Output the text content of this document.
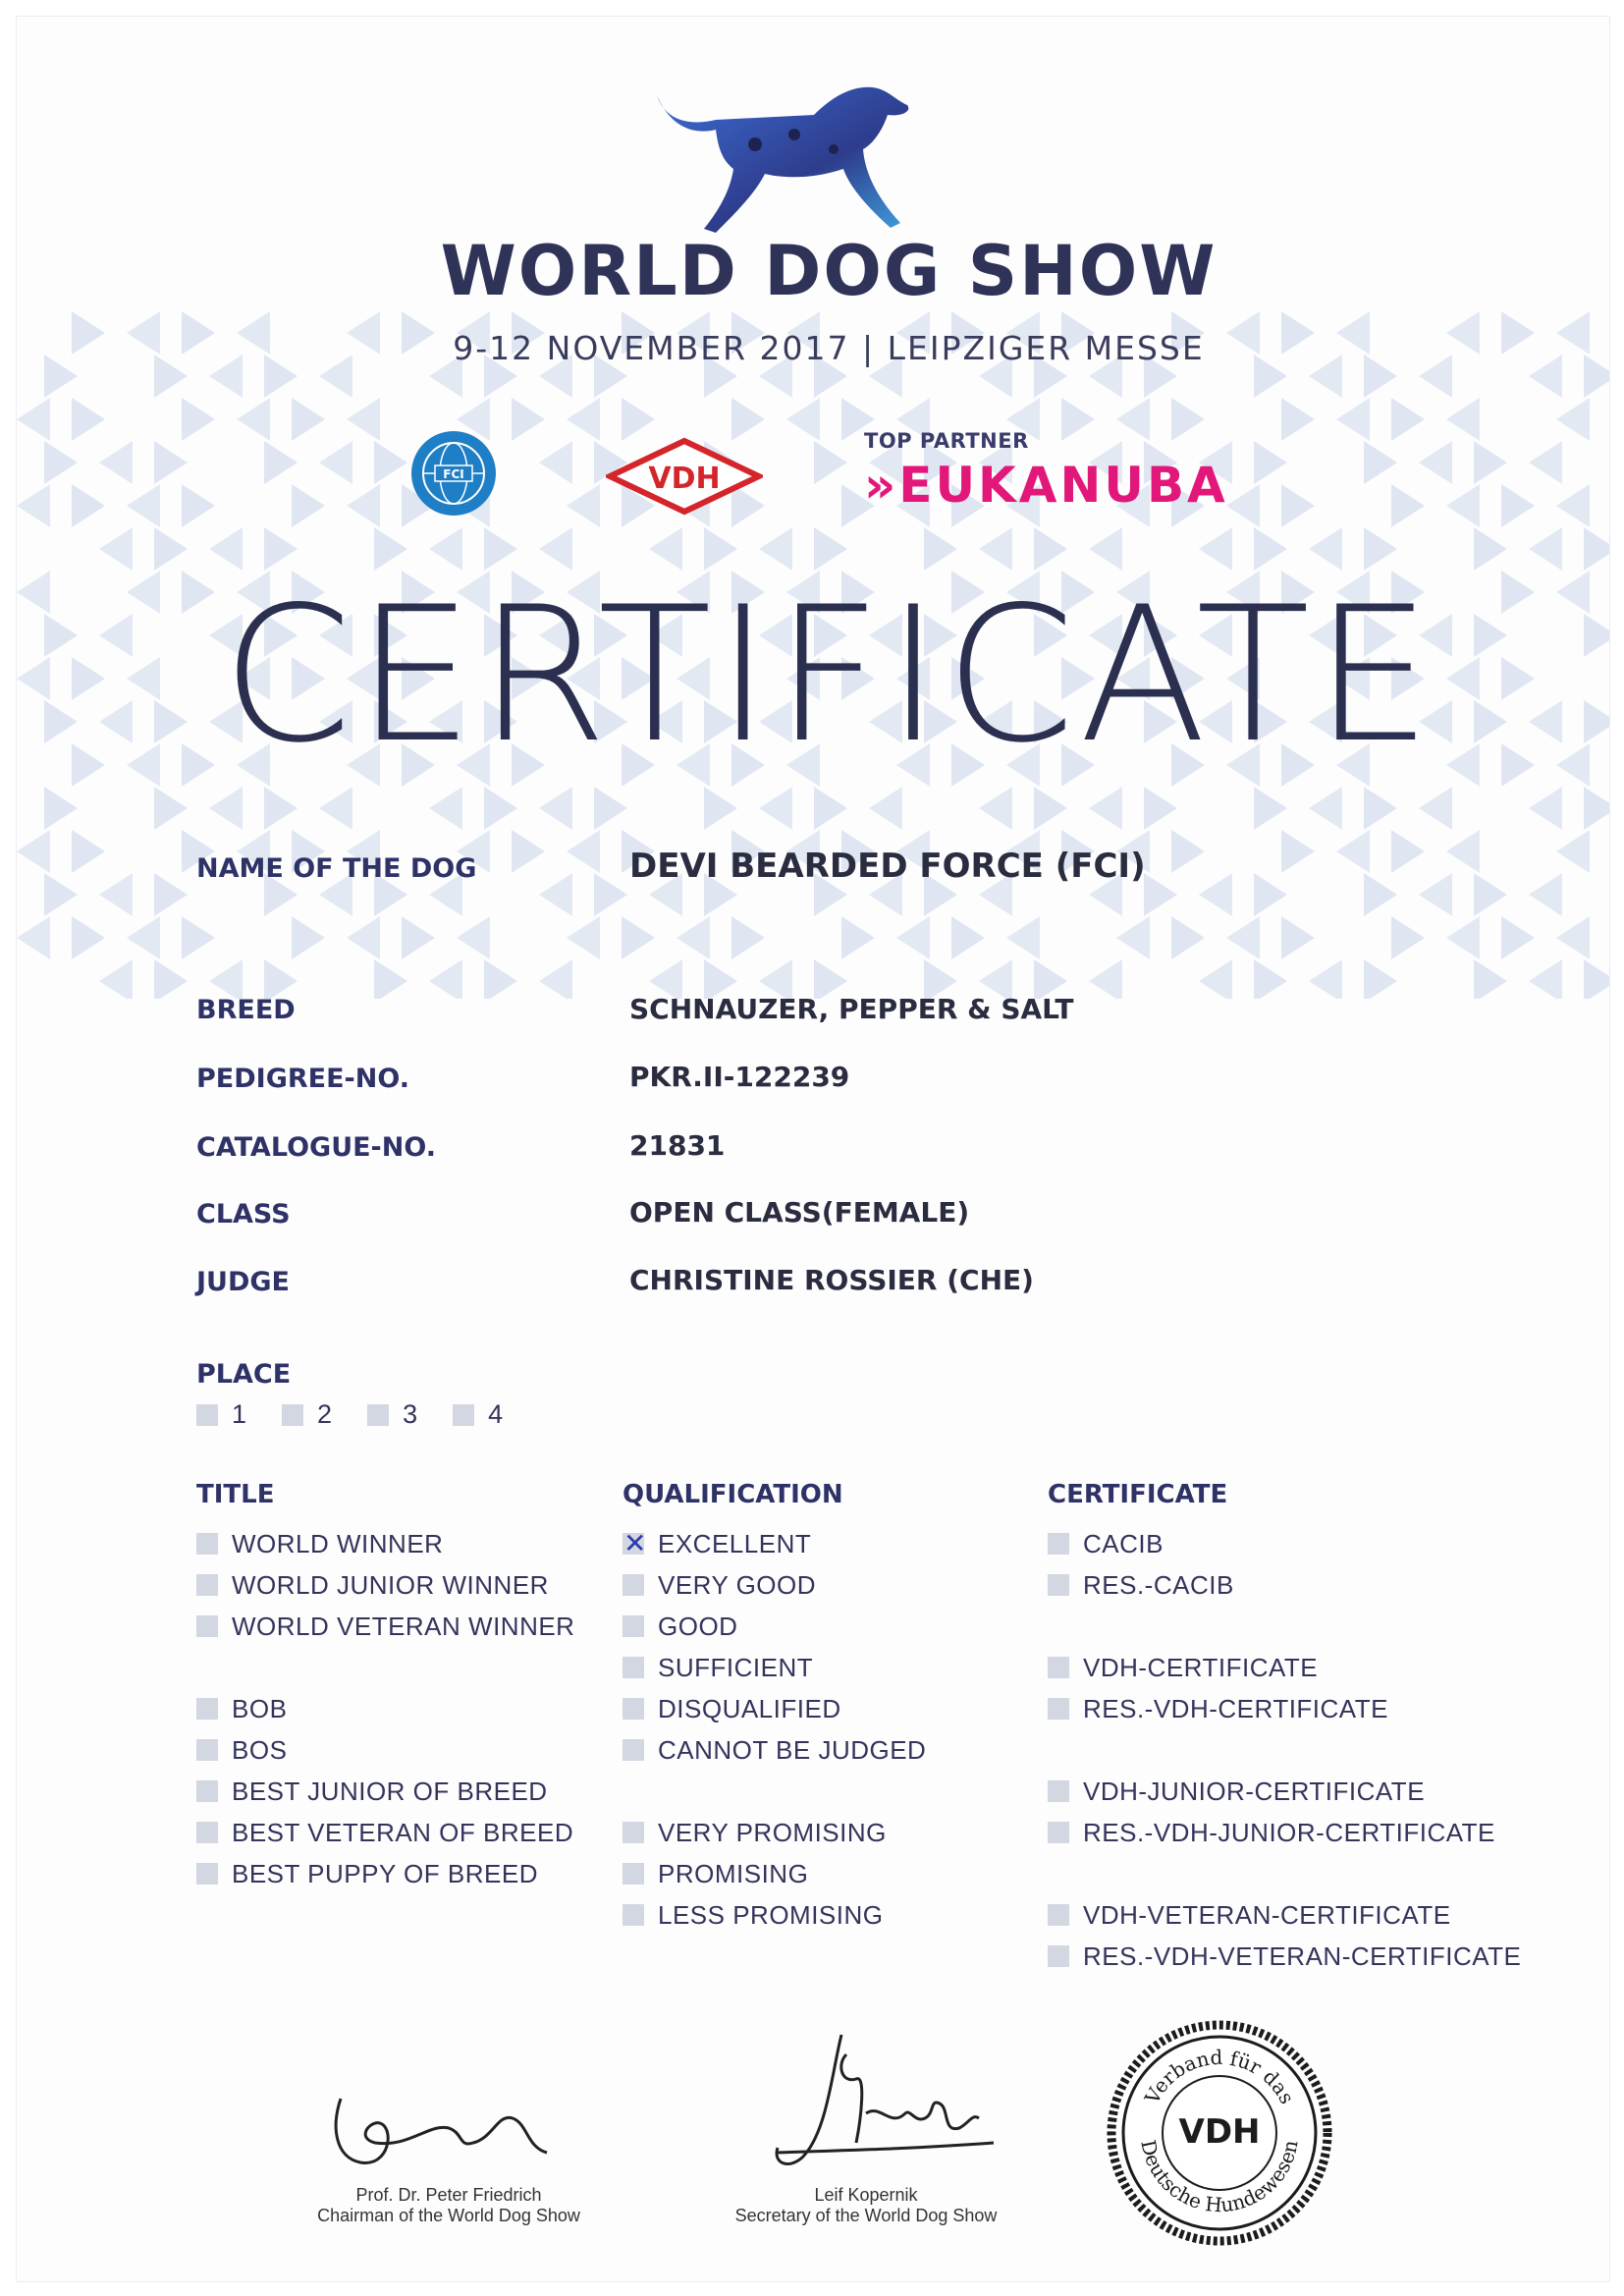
WORLD DOG SHOW
9-12 NOVEMBER 2017 | LEIPZIGER MESSE
FCI	VDH
TOP PARTNER
»EUKANUBA
CERTIFICATE
NAME OF THE DOG	DEVI BEARDED FORCE (FCI)
BREED	SCHNAUZER, PEPPER & SALT
PEDIGREE-NO.	PKR.II-122239
CATALOGUE-NO.	21831
CLASS	OPEN CLASS(FEMALE)
JUDGE	CHRISTINE ROSSIER (CHE)
PLACE
1	2	3	4
TITLE
WORLD WINNER
WORLD JUNIOR WINNER
WORLD VETERAN WINNER
BOB
BOS
BEST JUNIOR OF BREED
BEST VETERAN OF BREED
BEST PUPPY OF BREED
QUALIFICATION
✕
EXCELLENT
VERY GOOD
GOOD
SUFFICIENT
DISQUALIFIED
CANNOT BE JUDGED
VERY PROMISING
PROMISING
LESS PROMISING
CERTIFICATE
CACIB
RES.-CACIB
VDH-CERTIFICATE
RES.-VDH-CERTIFICATE
VDH-JUNIOR-CERTIFICATE
RES.-VDH-JUNIOR-CERTIFICATE
VDH-VETERAN-CERTIFICATE
RES.-VDH-VETERAN-CERTIFICATE
Prof. Dr. Peter Friedrich
Chairman of the World Dog Show
Leif Kopernik
Secretary of the World Dog Show
Verband für das
Deutsche Hundewesen
VDH
